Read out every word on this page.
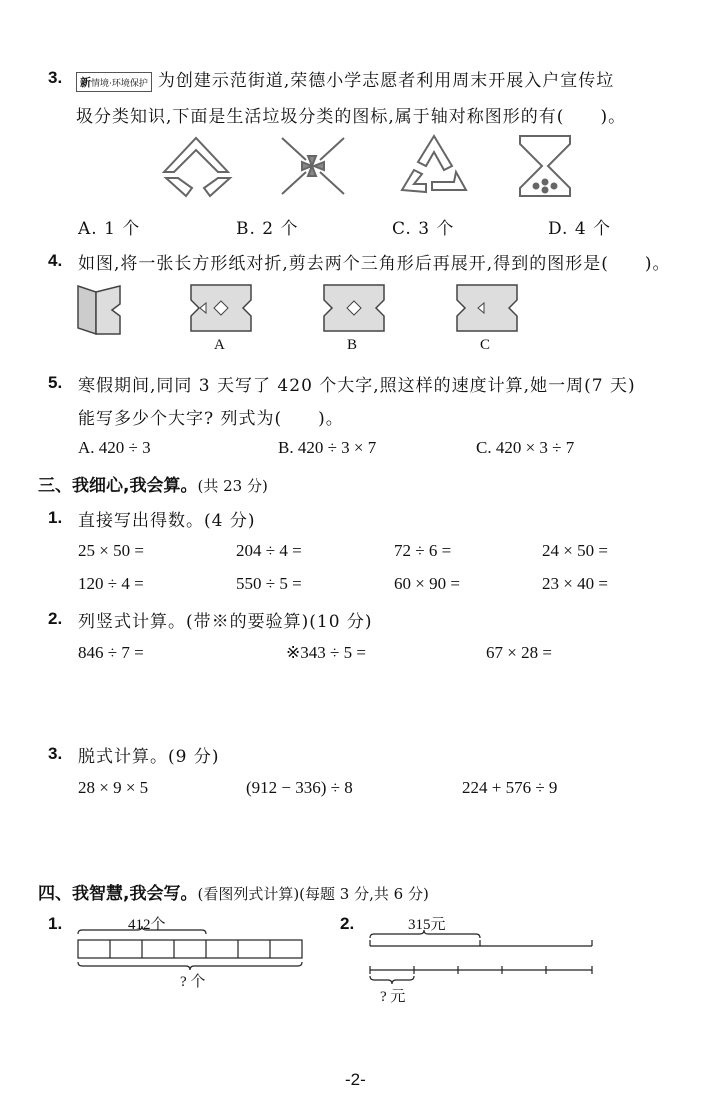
3.	新情境·环境保护 为创建示范街道,荣德小学志愿者利用周末开展入户宣传垃
圾分类知识,下面是生活垃圾分类的图标,属于轴对称图形的有(　　)。
A. 1 个	B. 2 个	C. 3 个	D. 4 个
4. 如图,将一张长方形纸对折,剪去两个三角形后再展开,得到的图形是(　　)。
A	B	C
5. 寒假期间,同同 3 天写了 420 个大字,照这样的速度计算,她一周(7 天)
能写多少个大字? 列式为(　　)。
A. 420 ÷ 3	B. 420 ÷ 3 × 7	C. 420 × 3 ÷ 7
三、我细心,我会算。(共 23 分)
1. 直接写出得数。(4 分)
25 × 50 =	204 ÷ 4 =	72 ÷ 6 =	24 × 50 =
120 ÷ 4 =	550 ÷ 5 =	60 × 90 =	23 × 40 =
2. 列竖式计算。(带※的要验算)(10 分)
846 ÷ 7 =	※343 ÷ 5 =	67 × 28 =
3. 脱式计算。(9 分)
28 × 9 × 5	(912 − 336) ÷ 8	224 + 576 ÷ 9
四、我智慧,我会写。(看图列式计算)(每题 3 分,共 6 分)
1.	412个
? 个
2.	315元
? 元
-2-
